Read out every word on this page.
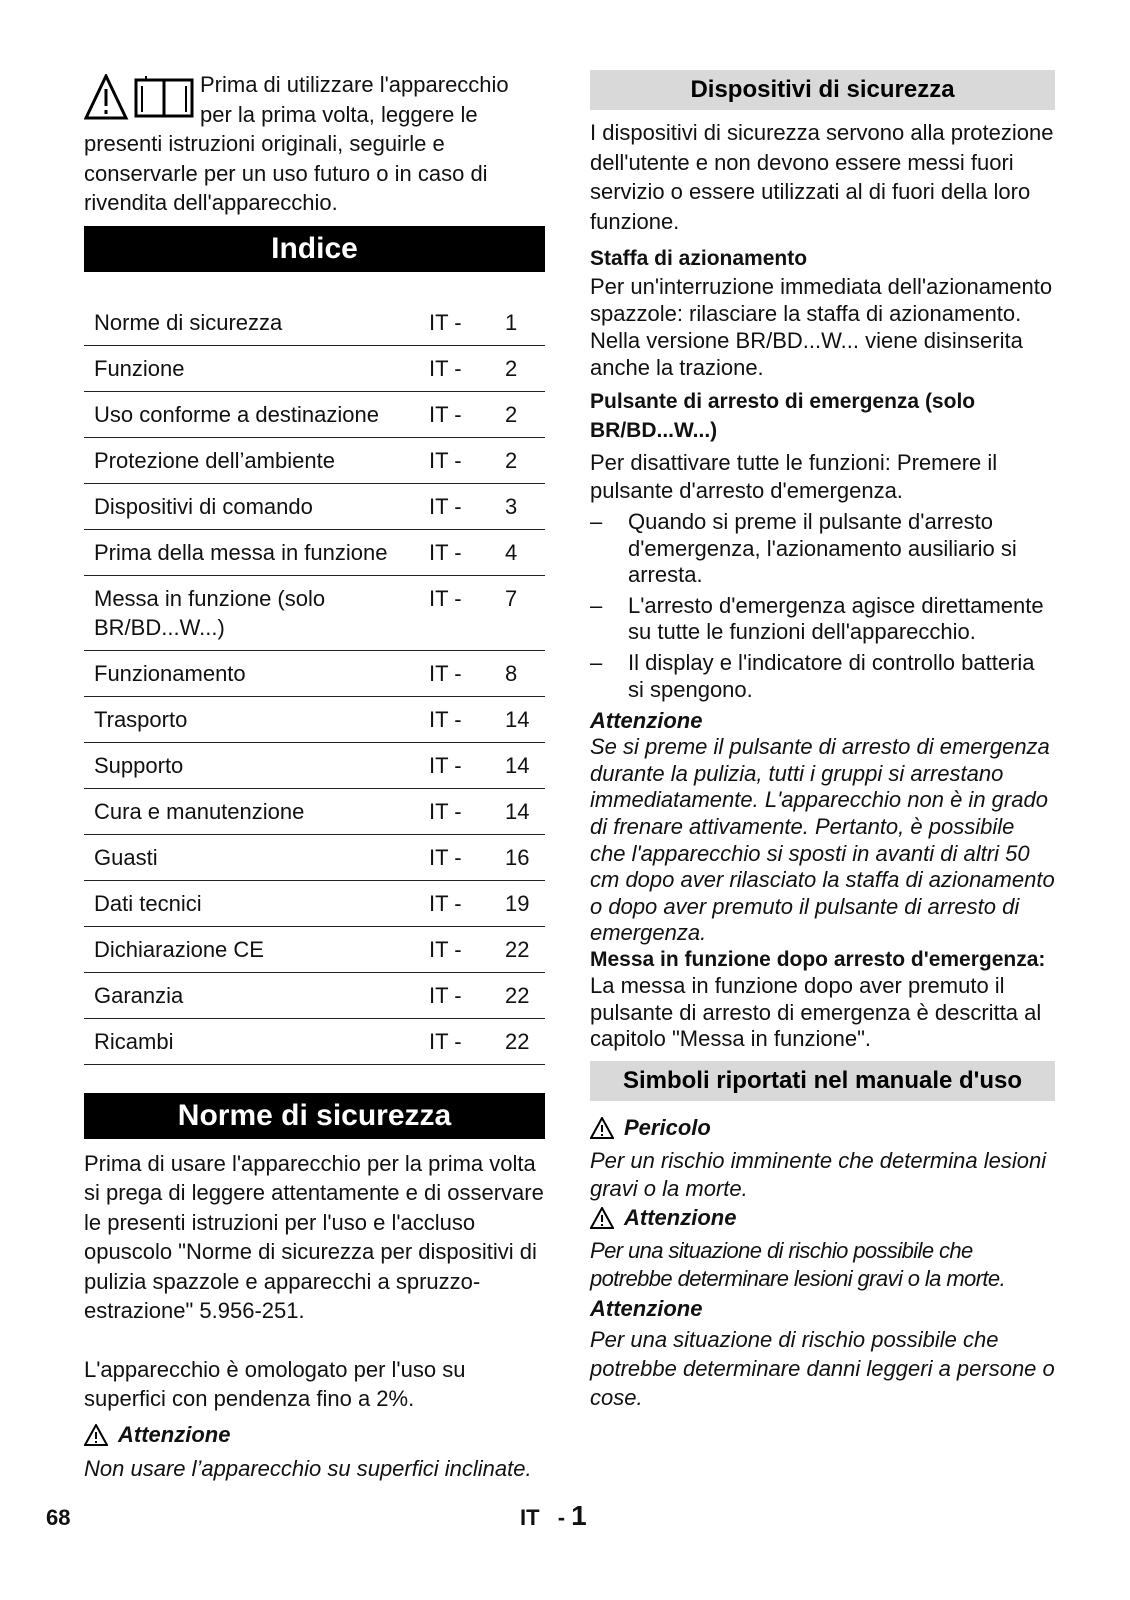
Prima di utilizzare l'apparecchio per la prima volta, leggere le presenti istruzioni originali, seguirle e conservarle per un uso futuro o in caso di rivendita dell'apparecchio.

Indice
Norme di sicurezza	IT -	1
Funzione	IT -	2
Uso conforme a destinazione	IT -	2
Protezione dell’ambiente	IT -	2
Dispositivi di comando	IT -	3
Prima della messa in funzione	IT -	4
Messa in funzione (solo BR/BD...W...)	IT -	7
Funzionamento	IT -	8
Trasporto	IT -	14
Supporto	IT -	14
Cura e manutenzione	IT -	14
Guasti	IT -	16
Dati tecnici	IT -	19
Dichiarazione CE	IT -	22
Garanzia	IT -	22
Ricambi	IT -	22
Norme di sicurezza

Prima di usare l'apparecchio per la prima volta si prega di leggere attentamente e di osservare le presenti istruzioni per l'uso e l'accluso opuscolo "Norme di sicurezza per dispositivi di pulizia spazzole e apparecchi a spruzzo-estrazione" 5.956-251.

L'apparecchio è omologato per l'uso su superfici con pendenza fino a 2%.

Attenzione

Non usare l’apparecchio su superfici inclinate.

Dispositivi di sicurezza

I dispositivi di sicurezza servono alla protezione dell'utente e non devono essere messi fuori servizio o essere utilizzati al di fuori della loro funzione.

Staffa di azionamento

Per un'interruzione immediata dell'azionamento spazzole: rilasciare la staffa di azionamento. Nella versione BR/BD...W... viene disinserita anche la trazione.

Pulsante di arresto di emergenza (solo BR/BD...W...)

Per disattivare tutte le funzioni: Premere il pulsante d'arresto d'emergenza.

– Quando si preme il pulsante d'arresto d'emergenza, l'azionamento ausiliario si arresta.
– L'arresto d'emergenza agisce direttamente su tutte le funzioni dell'apparecchio.
– Il display e l'indicatore di controllo batteria si spengono.

Attenzione

Se si preme il pulsante di arresto di emergenza durante la pulizia, tutti i gruppi si arrestano immediatamente. L'apparecchio non è in grado di frenare attivamente. Pertanto, è possibile che l'apparecchio si sposti in avanti di altri 50 cm dopo aver rilasciato la staffa di azionamento o dopo aver premuto il pulsante di arresto di emergenza.

Messa in funzione dopo arresto d'emergenza:

La messa in funzione dopo aver premuto il pulsante di arresto di emergenza è descritta al capitolo "Messa in funzione".

Simboli riportati nel manuale d'uso
Pericolo

Per un rischio imminente che determina lesioni gravi o la morte.

Attenzione

Per una situazione di rischio possibile che potrebbe determinare lesioni gravi o la morte.

Attenzione

Per una situazione di rischio possibile che potrebbe determinare danni leggeri a persone o cose.

68	IT - 1
